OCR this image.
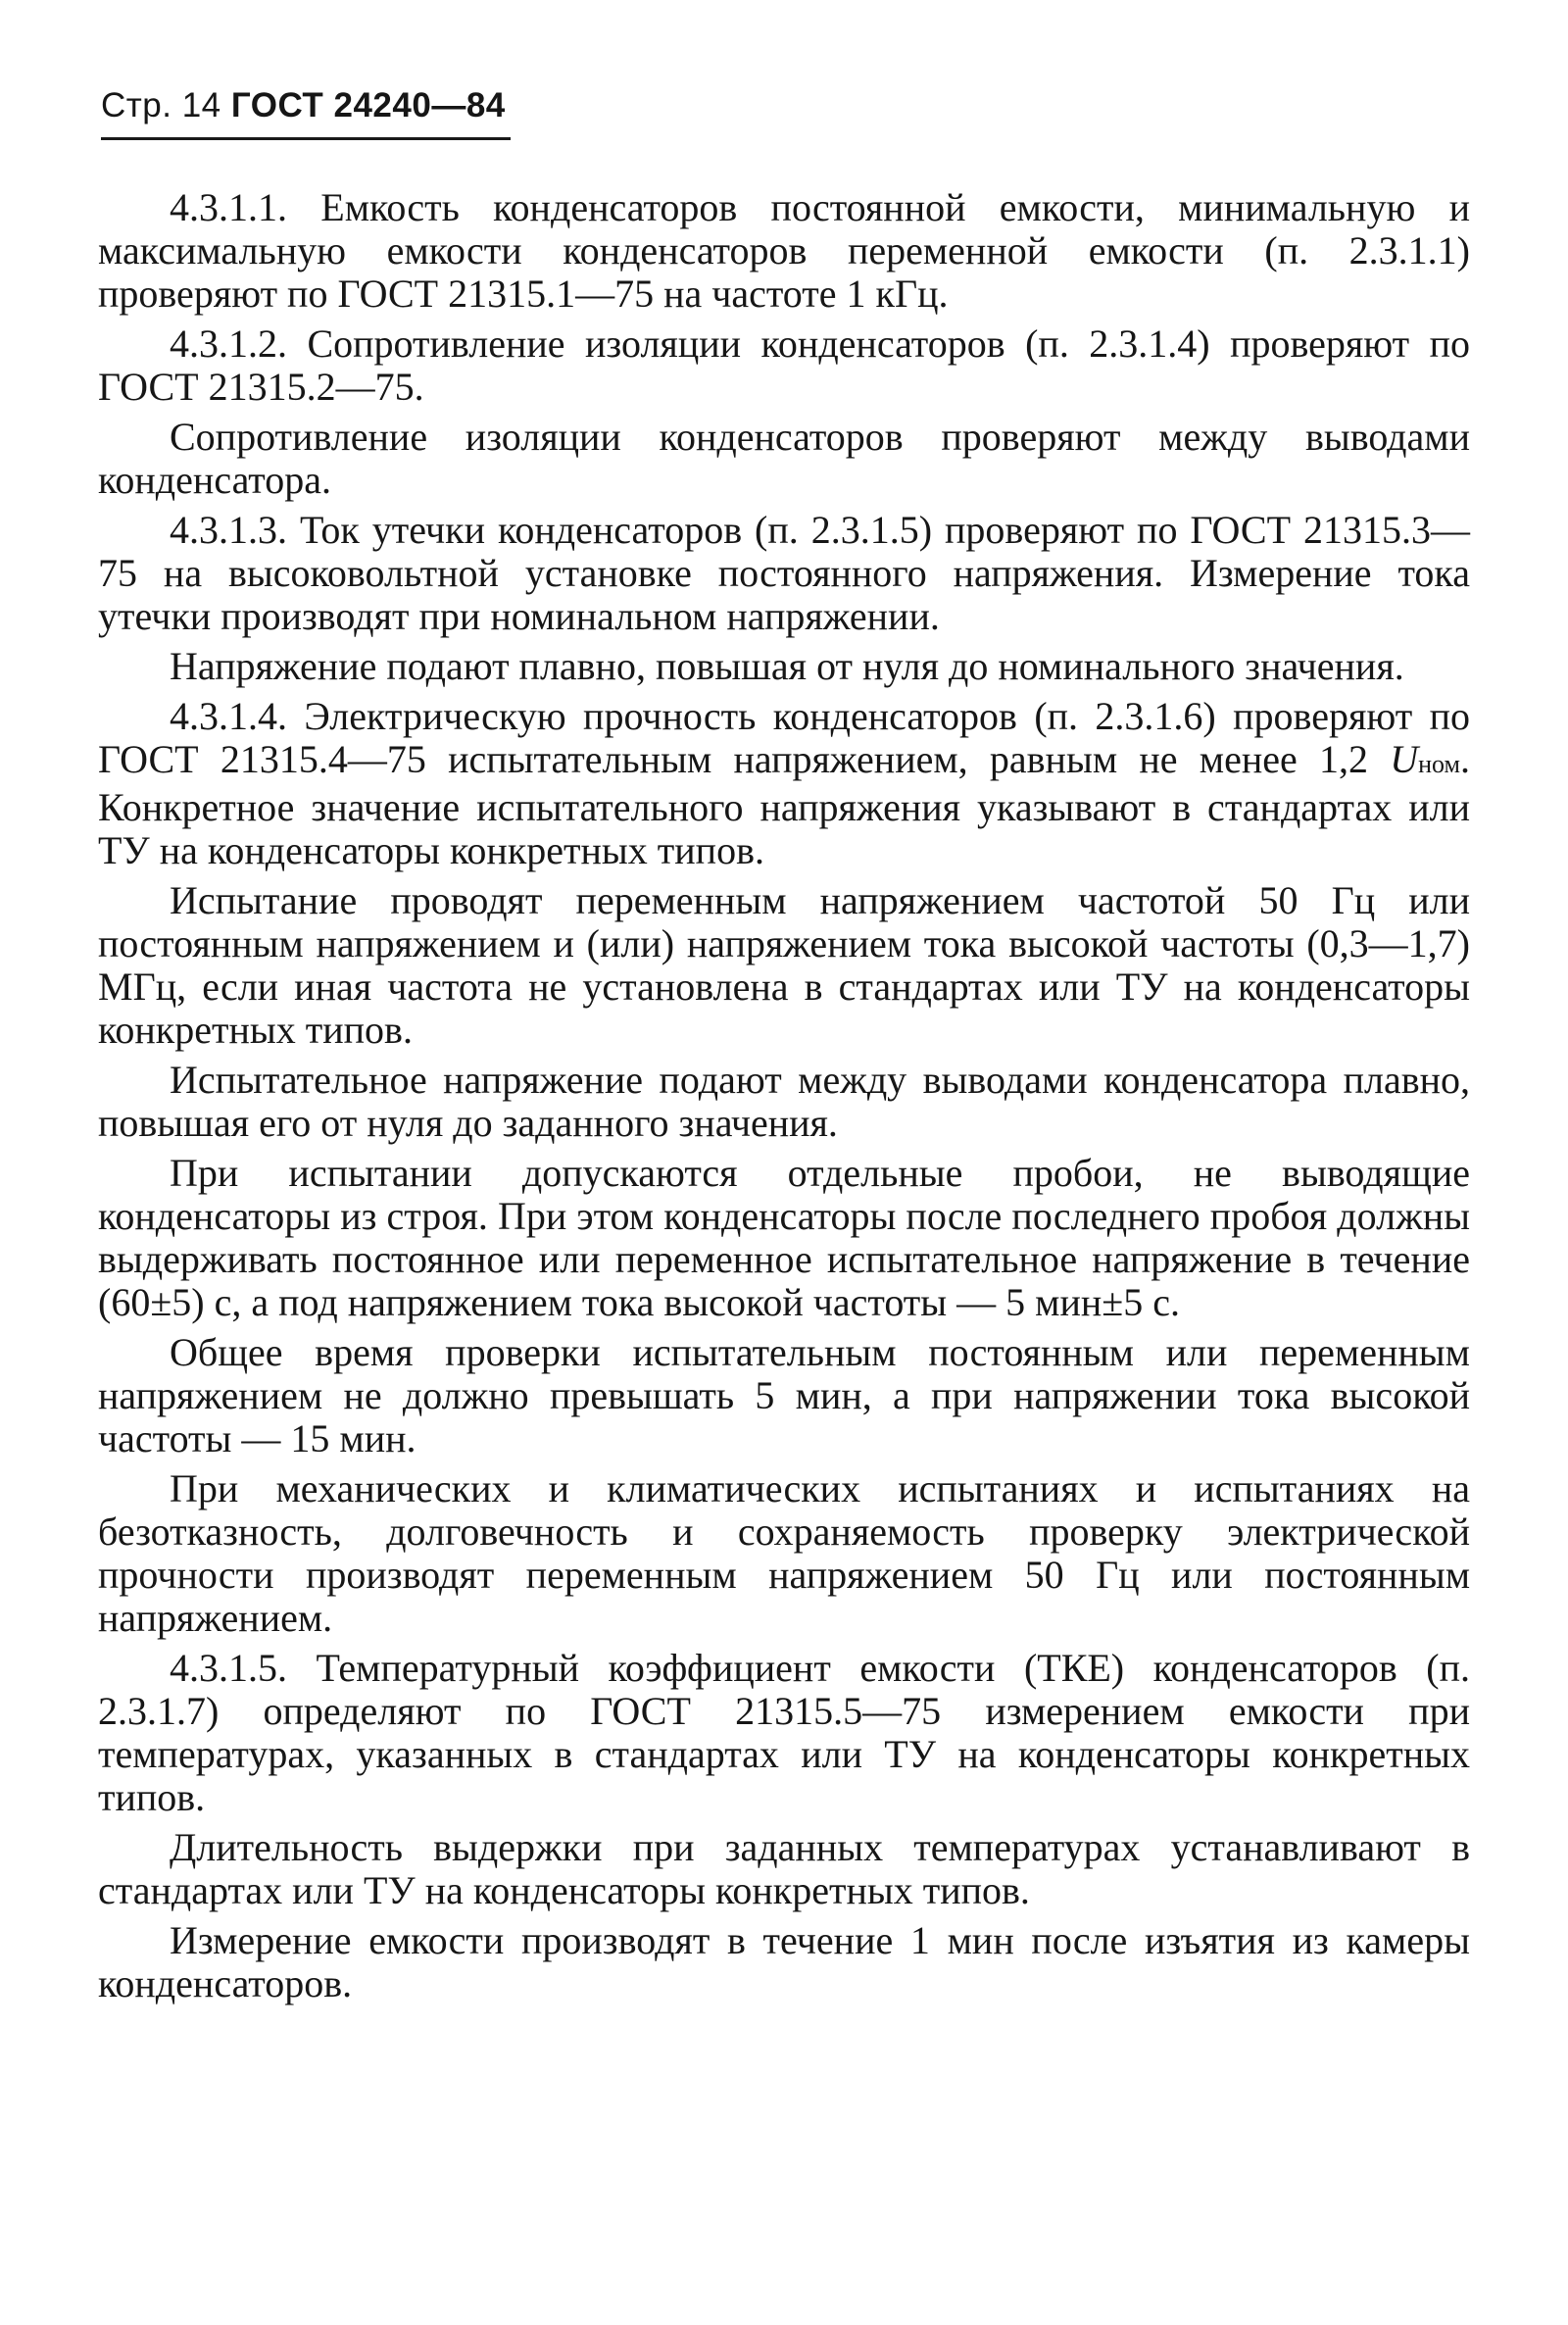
Стр. 14 ГОСТ 24240—84

4.3.1.1. Емкость конденсаторов постоянной емкости, минимальную и максимальную емкости конденсаторов переменной емкости (п. 2.3.1.1) проверяют по ГОСТ 21315.1—75 на частоте 1 кГц.

4.3.1.2. Сопротивление изоляции конденсаторов (п. 2.3.1.4) проверяют по ГОСТ 21315.2—75.

Сопротивление изоляции конденсаторов проверяют между выводами конденсатора.

4.3.1.3. Ток утечки конденсаторов (п. 2.3.1.5) проверяют по ГОСТ 21315.3—75 на высоковольтной установке постоянного напряжения. Измерение тока утечки производят при номинальном напряжении.

Напряжение подают плавно, повышая от нуля до номинального значения.

4.3.1.4. Электрическую прочность конденсаторов (п. 2.3.1.6) проверяют по ГОСТ 21315.4—75 испытательным напряжением, равным не менее 1,2 Uном. Конкретное значение испытательного напряжения указывают в стандартах или ТУ на конденсаторы конкретных типов.

Испытание проводят переменным напряжением частотой 50 Гц или постоянным напряжением и (или) напряжением тока высокой частоты (0,3—1,7) МГц, если иная частота не установлена в стандартах или ТУ на конденсаторы конкретных типов.

Испытательное напряжение подают между выводами конденсатора плавно, повышая его от нуля до заданного значения.

При испытании допускаются отдельные пробои, не выводящие конденсаторы из строя. При этом конденсаторы после последнего пробоя должны выдерживать постоянное или переменное испытательное напряжение в течение (60±5) с, а под напряжением тока высокой частоты — 5 мин±5 с.

Общее время проверки испытательным постоянным или переменным напряжением не должно превышать 5 мин, а при напряжении тока высокой частоты — 15 мин.

При механических и климатических испытаниях и испытаниях на безотказность, долговечность и сохраняемость проверку электрической прочности производят переменным напряжением 50 Гц или постоянным напряжением.

4.3.1.5. Температурный коэффициент емкости (ТКЕ) конденсаторов (п. 2.3.1.7) определяют по ГОСТ 21315.5—75 измерением емкости при температурах, указанных в стандартах или ТУ на конденсаторы конкретных типов.

Длительность выдержки при заданных температурах устанавливают в стандартах или ТУ на конденсаторы конкретных типов.

Измерение емкости производят в течение 1 мин после изъятия из камеры конденсаторов.
